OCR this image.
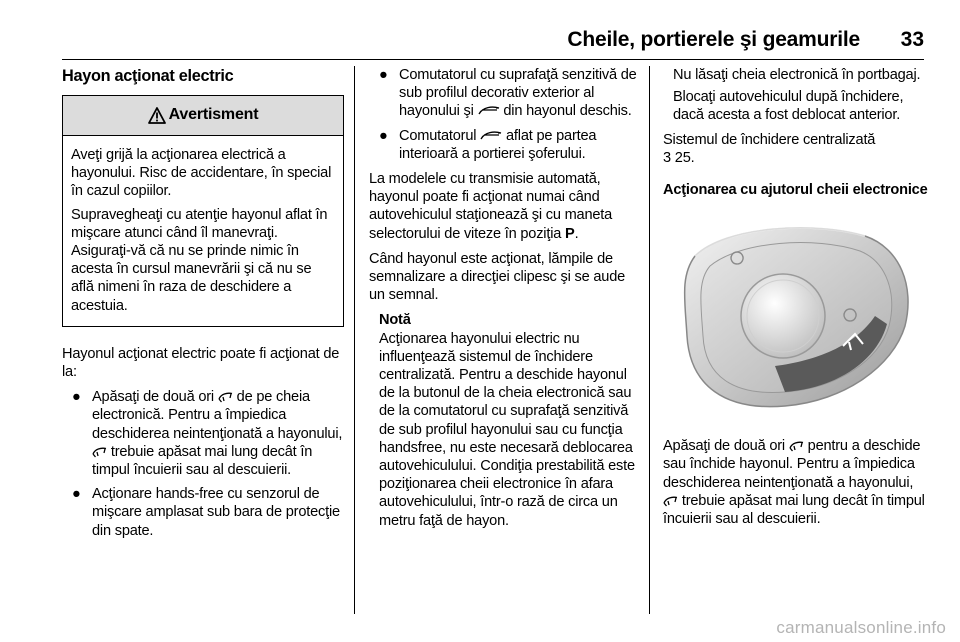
Cheile, portierele şi geamurile 33
Hayon acţionat electric
Avertisment

Aveţi grijă la acţionarea electrică a hayonului. Risc de accidentare, în special în cazul copiilor.

Supravegheaţi cu atenţie hayonul aflat în mişcare atunci când îl manevraţi. Asiguraţi-vă că nu se prinde nimic în acesta în cursul manevrării şi că nu se află nimeni în raza de deschidere a acestuia.

Hayonul acţionat electric poate fi acţionat de la:

● Apăsaţi de două ori  de pe cheia electronică. Pentru a împiedica deschiderea neintenţionată a hayonului,  trebuie apăsat mai lung decât în timpul încuierii sau al descuierii.
● Acţionare hands-free cu senzorul de mişcare amplasat sub bara de protecţie din spate.
● Comutatorul cu suprafaţă senzitivă de sub profilul decorativ exterior al hayonului şi  din hayonul deschis.
● Comutatorul  aflat pe partea interioară a portierei şoferului.

La modelele cu transmisie automată, hayonul poate fi acţionat numai când autovehiculul staţionează şi cu maneta selectorului de viteze în poziţia P.

Când hayonul este acţionat, lămpile de semnalizare a direcţiei clipesc şi se aude un semnal.

Notă
Acţionarea hayonului electric nu influenţează sistemul de închidere centralizată. Pentru a deschide hayonul de la butonul de la cheia electronică sau de la comutatorul cu suprafaţă senzitivă de sub profilul hayonului sau cu funcţia handsfree, nu este necesară deblocarea autovehiculului. Condiţia prestabilită este poziţionarea cheii electronice în afara autovehiculului, într-o rază de circa un metru faţă de hayon.
Nu lăsaţi cheia electronică în portbagaj.
Blocaţi autovehiculul după închidere, dacă acesta a fost deblocat anterior.

Sistemul de închidere centralizată
3 25.

Acţionarea cu ajutorul cheii electronice

Apăsaţi de două ori  pentru a deschide sau închide hayonul. Pentru a împiedica deschiderea neintenţionată a hayonului,  trebuie apăsat mai lung decât în timpul încuierii sau al descuierii.

carmanualsonline.info
